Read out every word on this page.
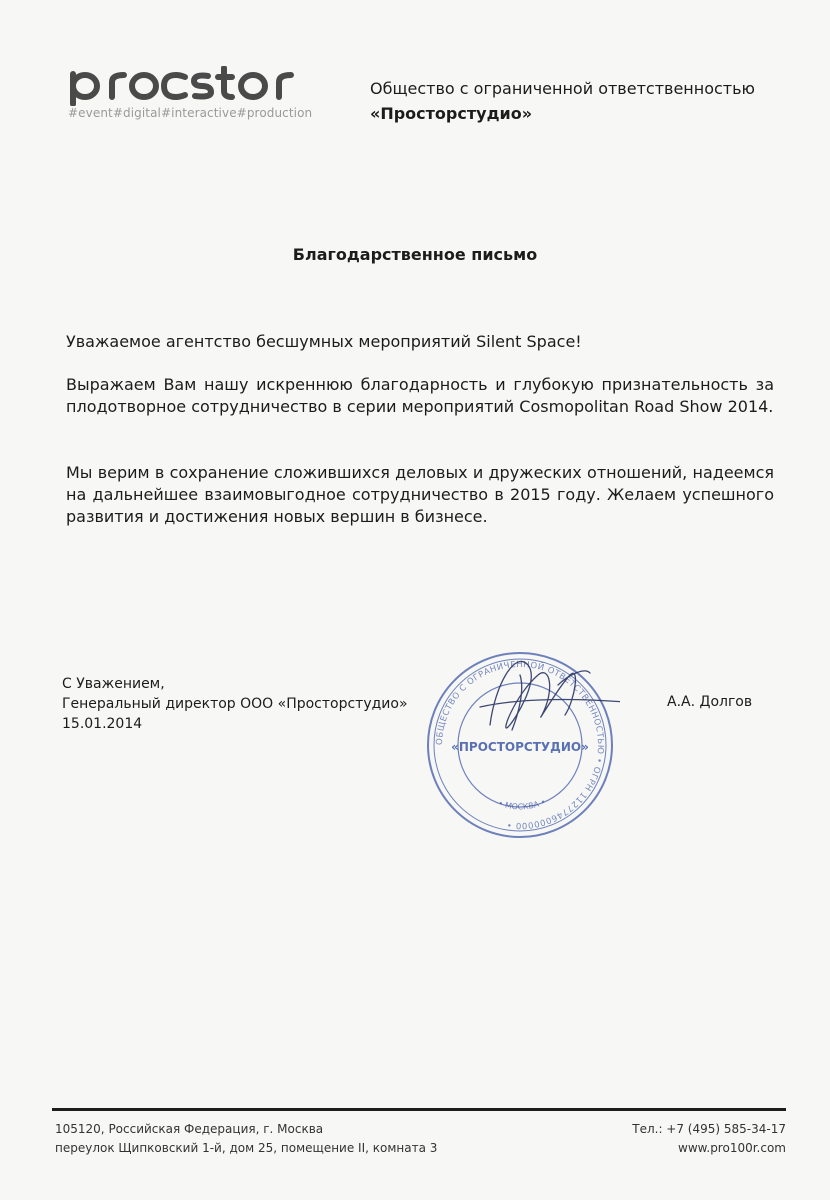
#event#digital#interactive#production
Общество с ограниченной ответственностью
«Просторстудио»
Благодарственное письмо
Уважаемое агентство бесшумных мероприятий Silent Space!
Выражаем Вам нашу искреннюю благодарность и глубокую признательность за плодотворное сотрудничество в серии мероприятий Cosmopolitan Road Show 2014.
Мы верим в сохранение сложившихся деловых и дружеских отношений, надеемся на дальнейшее взаимовыгодное сотрудничество в 2015 году. Желаем успешного развития и достижения новых вершин в бизнесе.
С Уважением,
Генеральный директор ООО «Просторстудио»
15.01.2014
А.А. Долгов
ОБЩЕСТВО С ОГРАНИЧЕННОЙ ОТВЕТСТВЕННОСТЬЮ • ОГРН 1127746000000 •
• МОСКВА •
«ПРОСТОРСТУДИО»
105120, Российская Федерация, г. Москва
переулок Щипковский 1-й, дом 25, помещение II, комната 3
Тел.: +7 (495) 585-34-17
www.pro100r.com
